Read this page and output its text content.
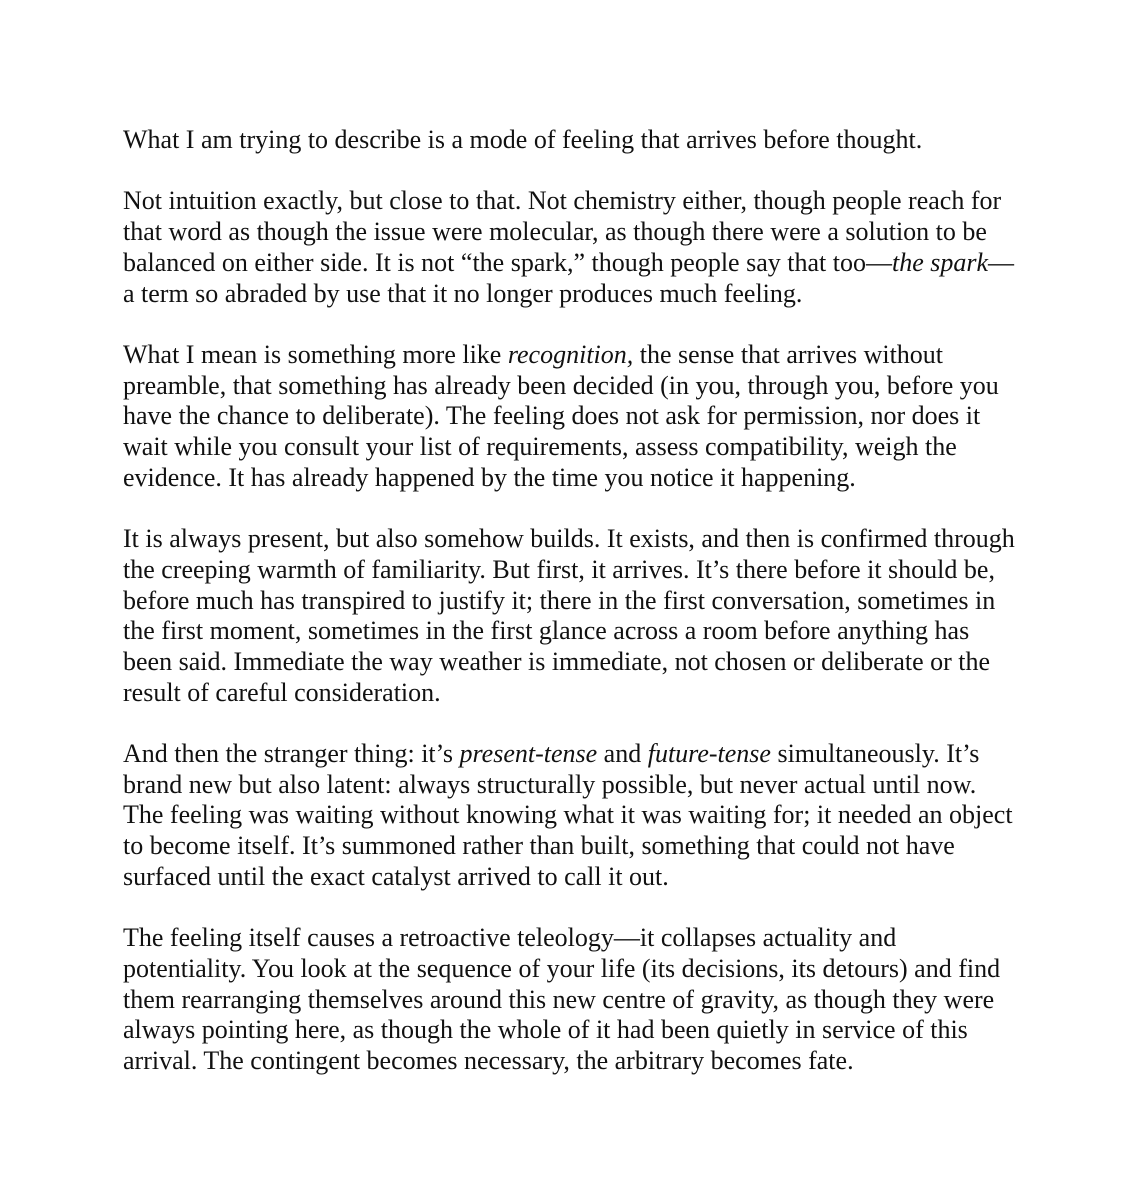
What I am trying to describe is a mode of feeling that arrives before thought.

Not intuition exactly, but close to that. Not chemistry either, though people reach for
that word as though the issue were molecular, as though there were a solution to be
balanced on either side. It is not “the spark,” though people say that too—the spark—
a term so abraded by use that it no longer produces much feeling.

What I mean is something more like recognition, the sense that arrives without
preamble, that something has already been decided (in you, through you, before you
have the chance to deliberate). The feeling does not ask for permission, nor does it
wait while you consult your list of requirements, assess compatibility, weigh the
evidence. It has already happened by the time you notice it happening.

It is always present, but also somehow builds. It exists, and then is confirmed through
the creeping warmth of familiarity. But first, it arrives. It’s there before it should be,
before much has transpired to justify it; there in the first conversation, sometimes in
the first moment, sometimes in the first glance across a room before anything has
been said. Immediate the way weather is immediate, not chosen or deliberate or the
result of careful consideration.

And then the stranger thing: it’s present-tense and future-tense simultaneously. It’s
brand new but also latent: always structurally possible, but never actual until now.
The feeling was waiting without knowing what it was waiting for; it needed an object
to become itself. It’s summoned rather than built, something that could not have
surfaced until the exact catalyst arrived to call it out.

The feeling itself causes a retroactive teleology—it collapses actuality and
potentiality. You look at the sequence of your life (its decisions, its detours) and find
them rearranging themselves around this new centre of gravity, as though they were
always pointing here, as though the whole of it had been quietly in service of this
arrival. The contingent becomes necessary, the arbitrary becomes fate.
